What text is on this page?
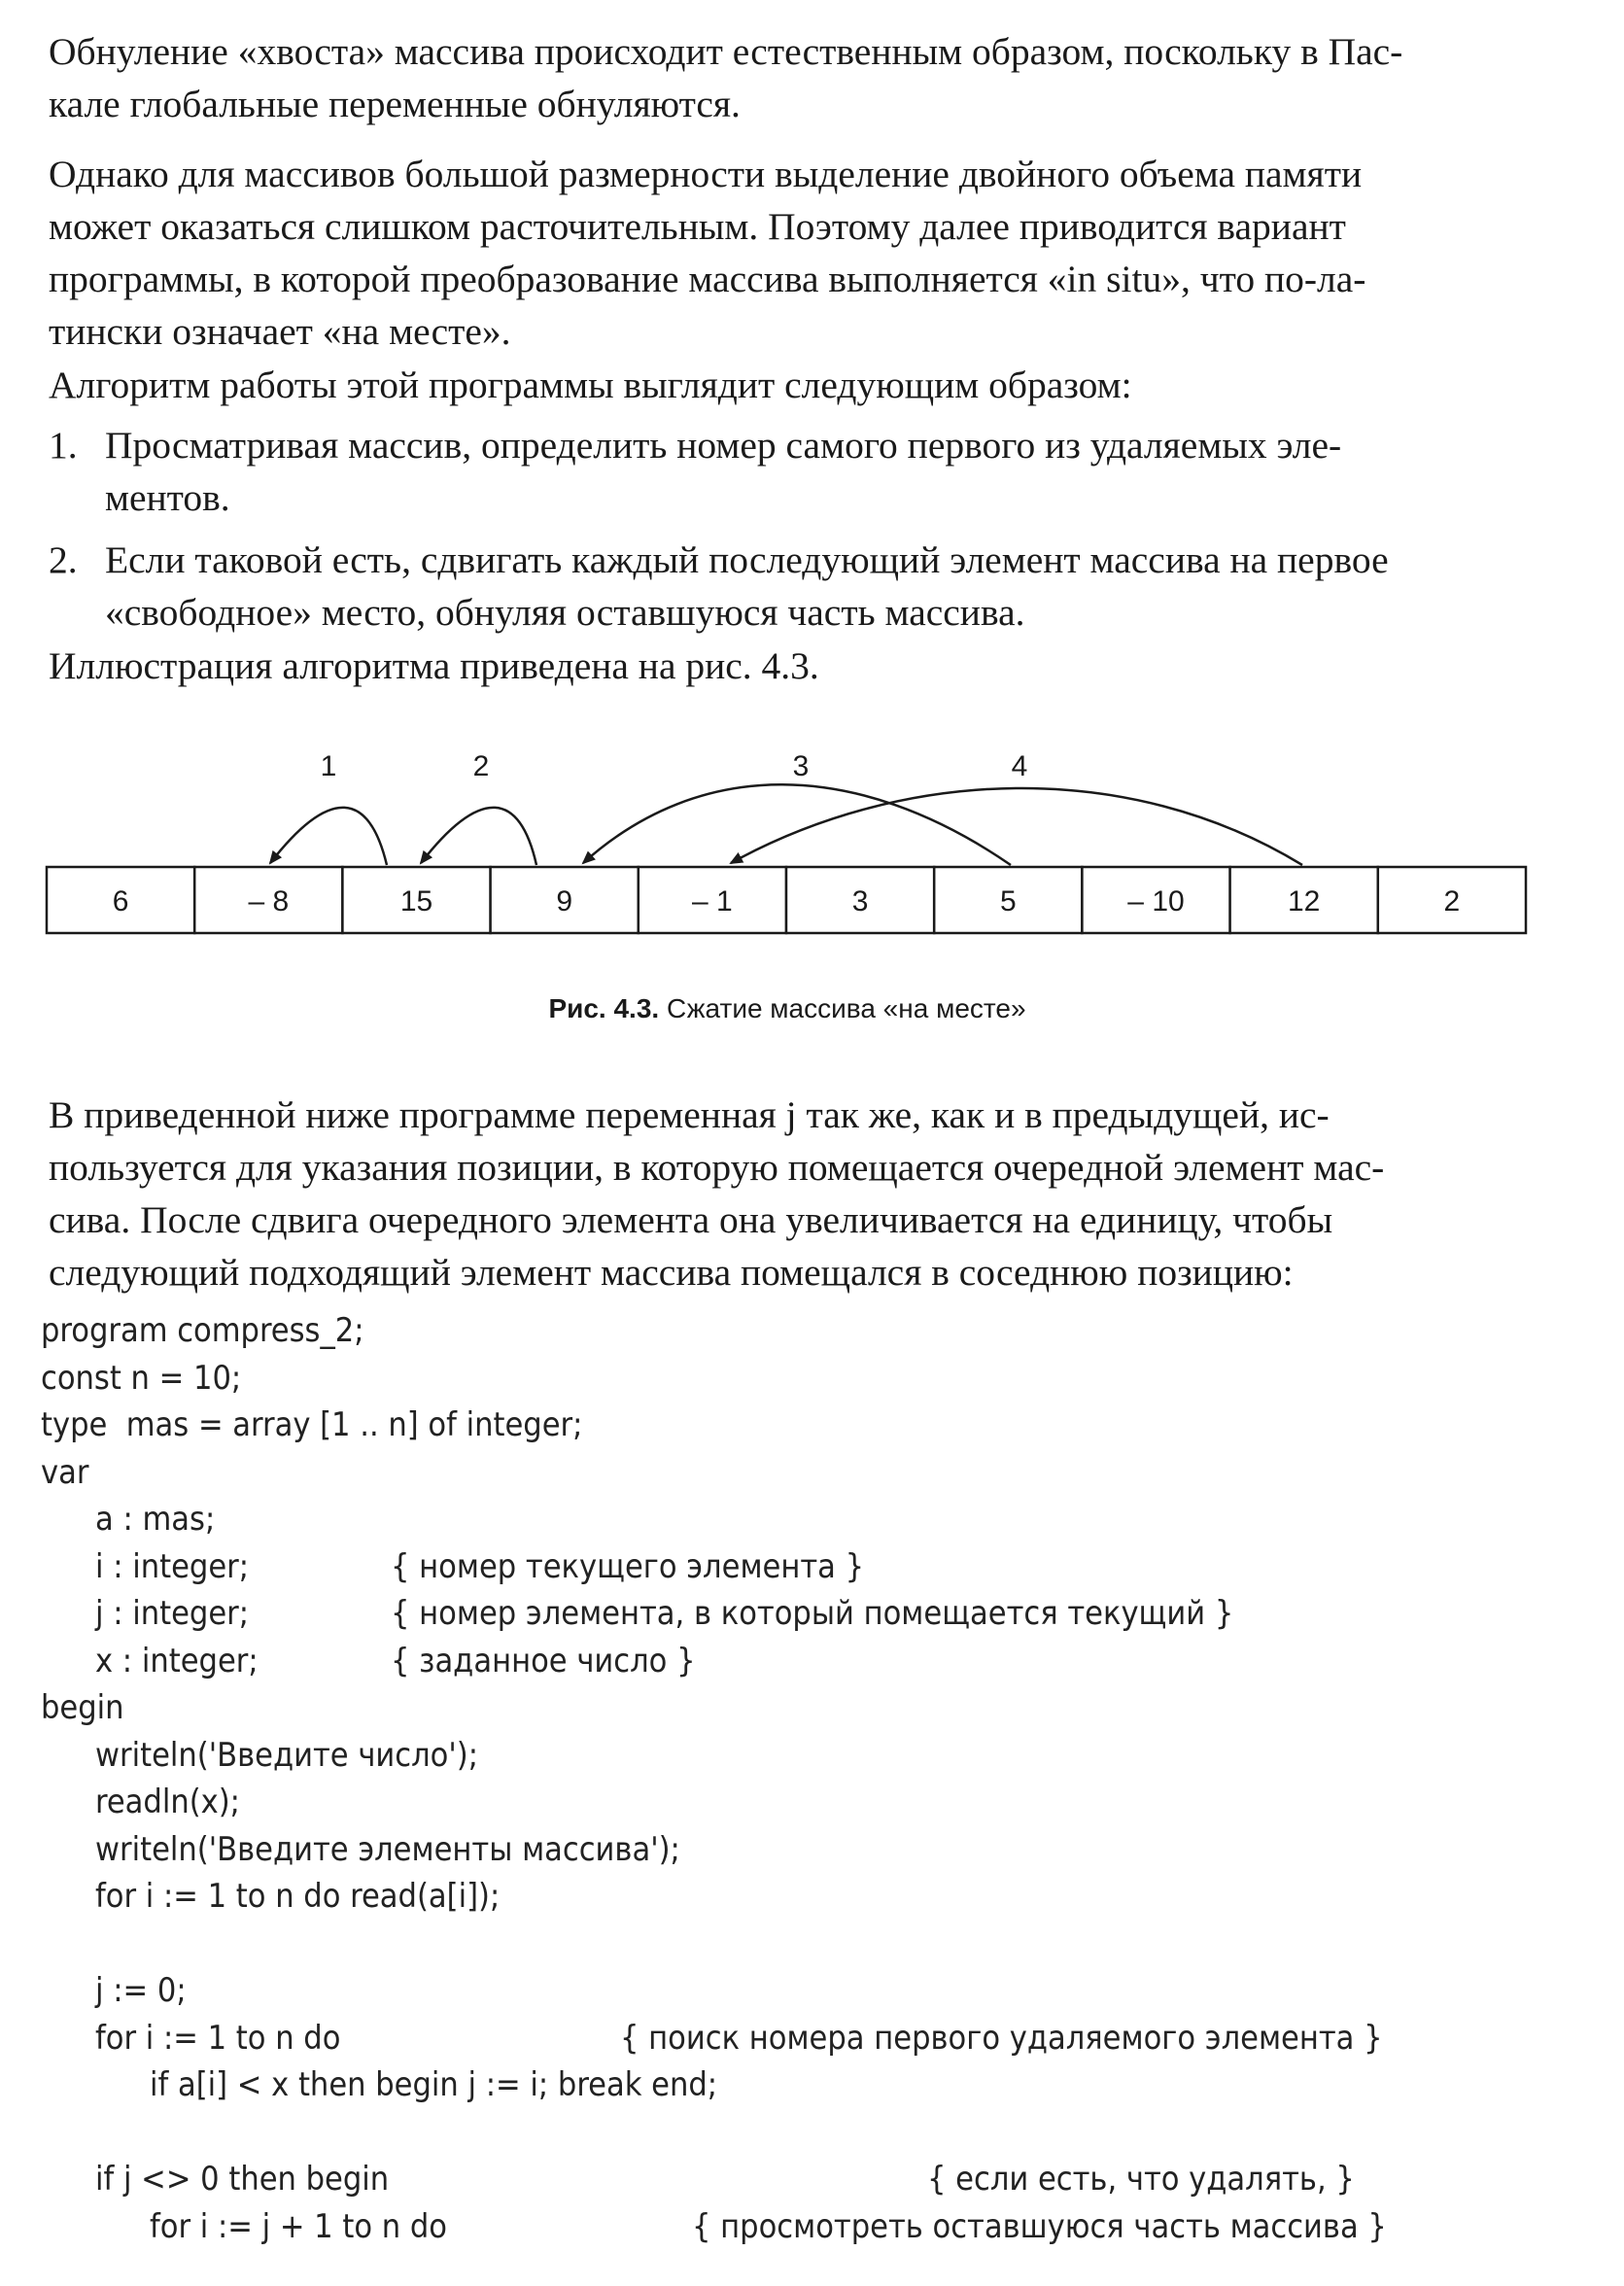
Обнуление «хвоста» массива происходит естественным образом, поскольку в Пас-
кале глобальные переменные обнуляются.
Однако для массивов большой размерности выделение двойного объема памяти
может оказаться слишком расточительным. Поэтому далее приводится вариант
программы, в которой преобразование массива выполняется «in situ», что по-ла-
тински означает «на месте».
Алгоритм работы этой программы выглядит следующим образом:
1. Просматривая массив, определить номер самого первого из удаляемых эле-
ментов.
2. Если таковой есть, сдвигать каждый последующий элемент массива на первое
«свободное» место, обнуляя оставшуюся часть массива.
Иллюстрация алгоритма приведена на рис. 4.3.
1	2	3	4
6	– 8	15	9	– 1	3	5	– 10	12	2
Рис. 4.3. Сжатие массива «на месте»
В приведенной ниже программе переменная j так же, как и в предыдущей, ис-
пользуется для указания позиции, в которую помещается очередной элемент мас-
сива. После сдвига очередного элемента она увеличивается на единицу, чтобы
следующий подходящий элемент массива помещался в соседнюю позицию:
program compress_2;
const n = 10;
type  mas = array [1 .. n] of integer;
var
a : mas;
i : integer;	{ номер текущего элемента }
j : integer;	{ номер элемента, в который помещается текущий }
x : integer;	{ заданное число }
begin
writeln('Введите число');
readln(x);
writeln('Введите элементы массива');
for i := 1 to n do read(a[i]);
j := 0;
for i := 1 to n do	{ поиск номера первого удаляемого элемента }
if a[i] < x then begin j := i; break end;
if j <> 0 then begin	{ если есть, что удалять, }
for i := j + 1 to n do	{ просмотреть оставшуюся часть массива }
